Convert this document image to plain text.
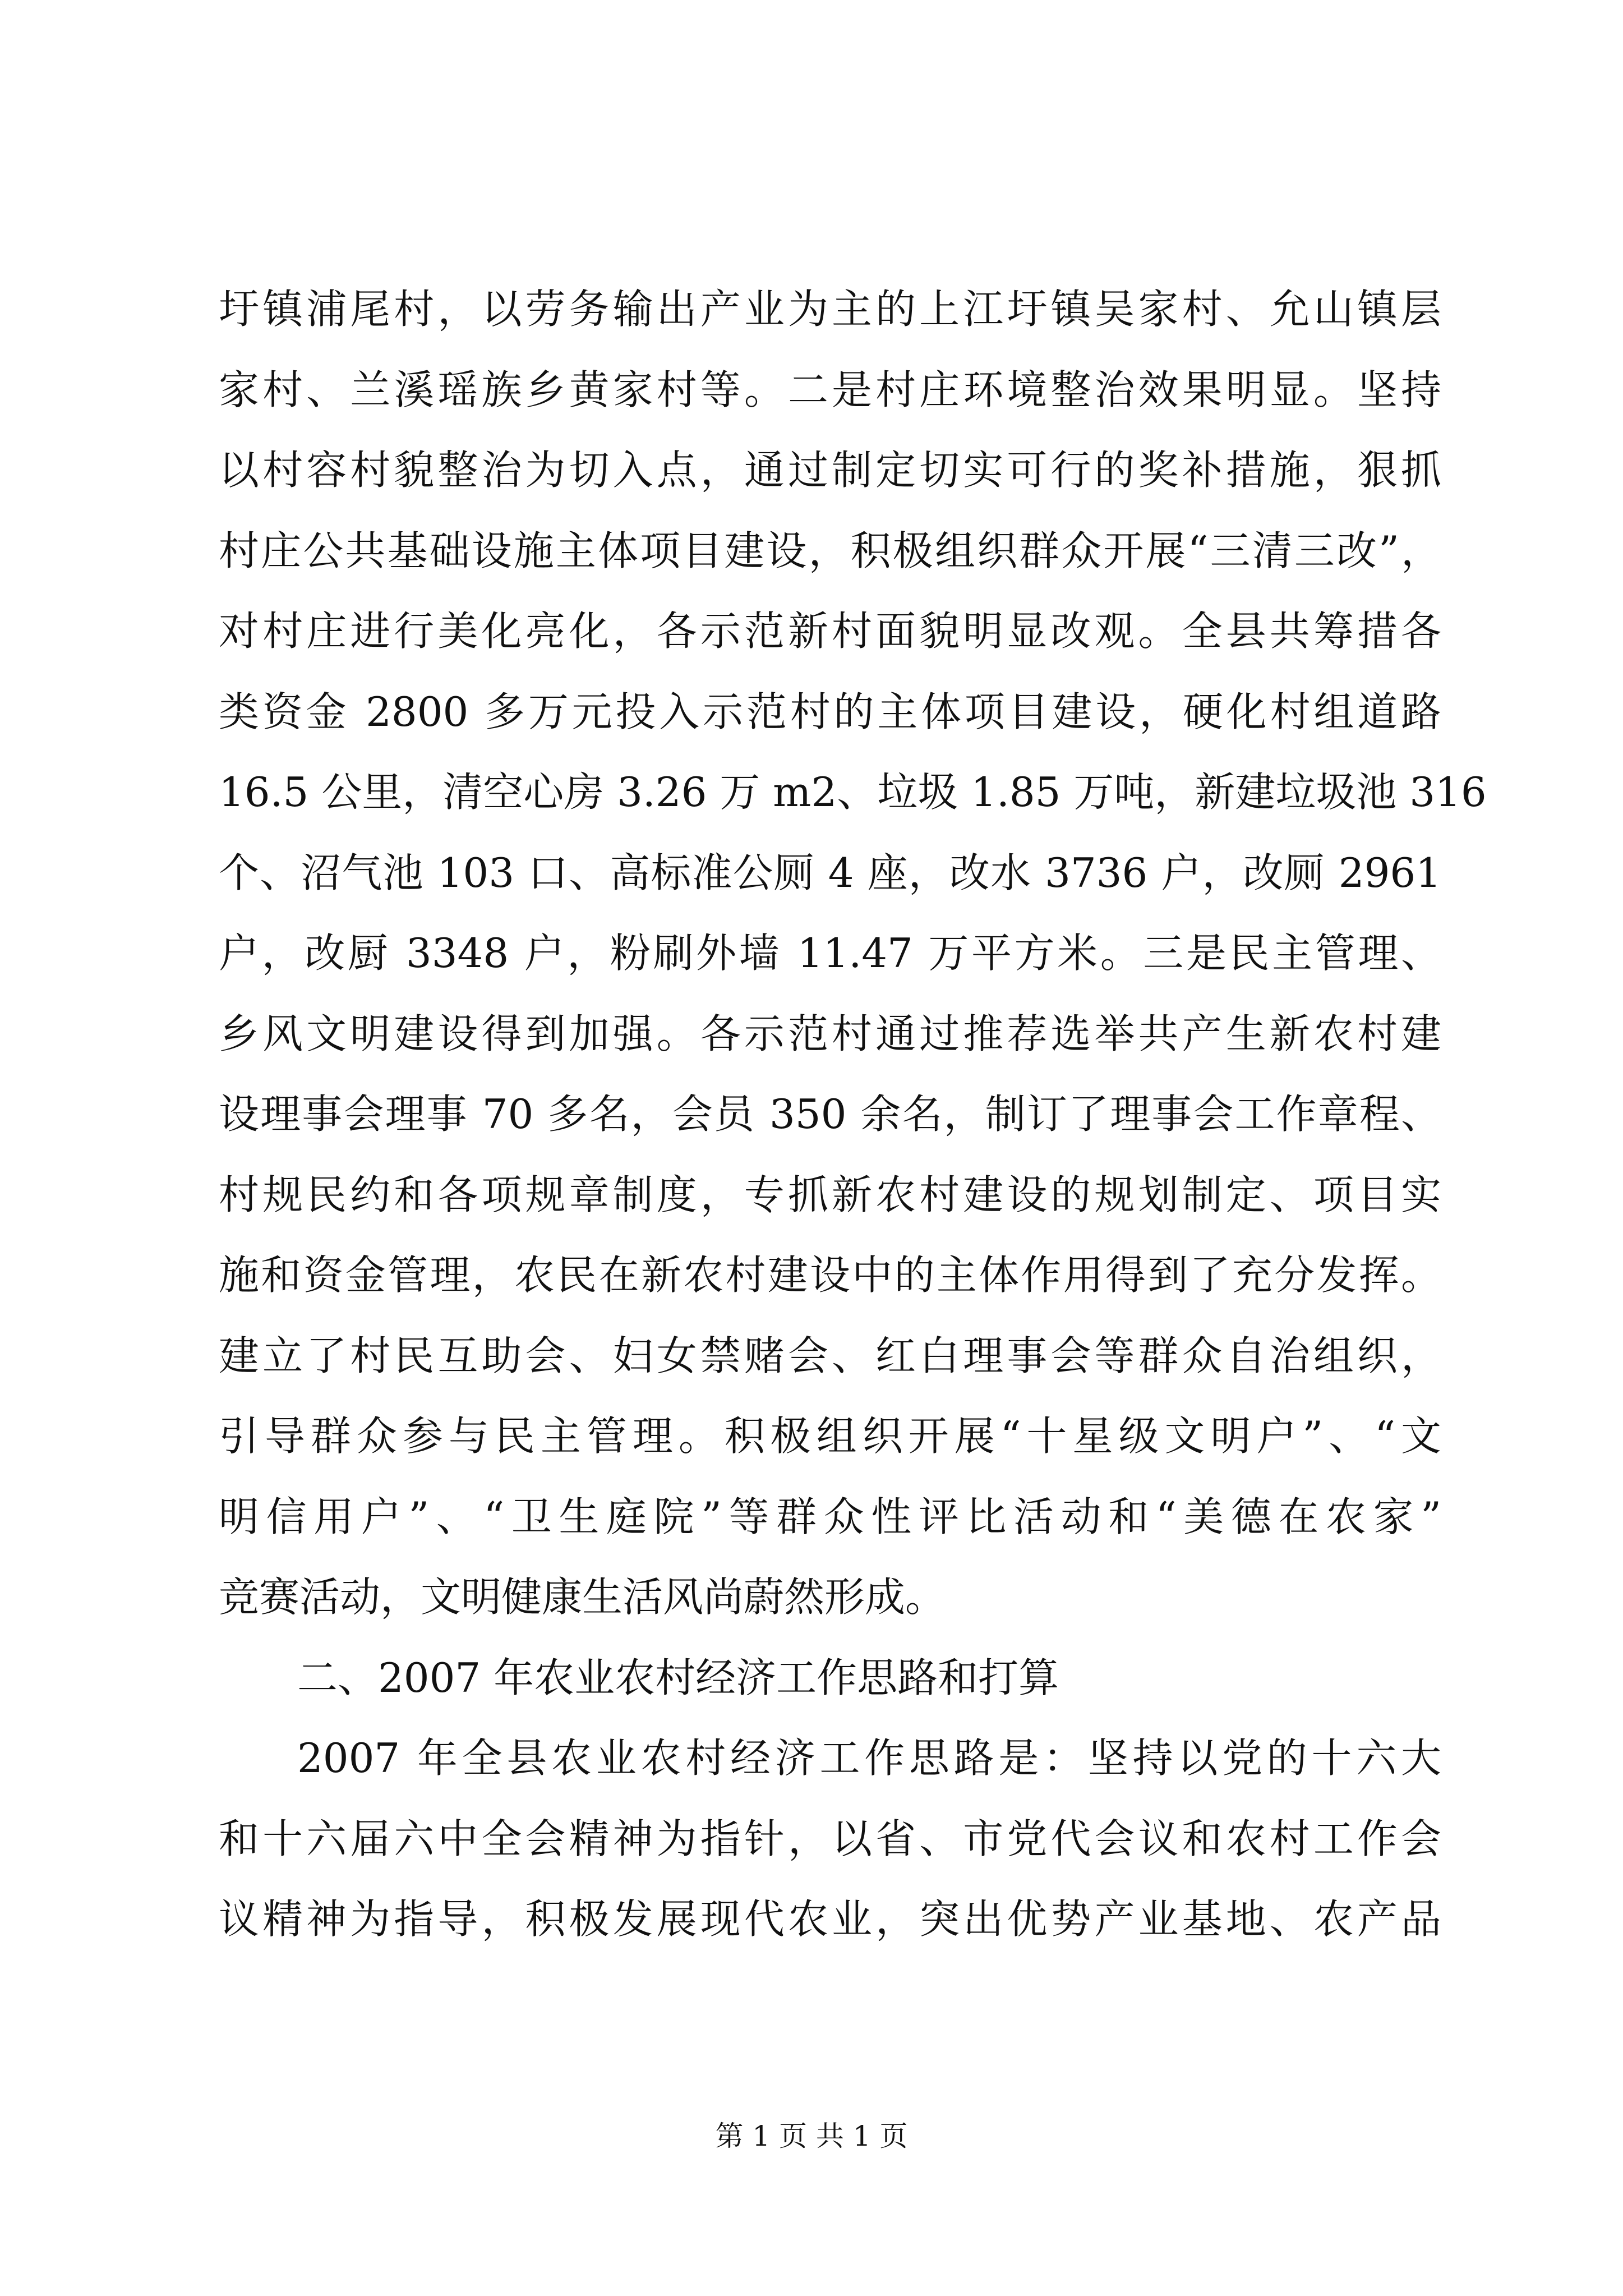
圩镇浦尾村，以劳务输出产业为主的上江圩镇吴家村、允山镇层
家村、兰溪瑶族乡黄家村等。二是村庄环境整治效果明显。坚持
以村容村貌整治为切入点，通过制定切实可行的奖补措施，狠抓
村庄公共基础设施主体项目建设，积极组织群众开展“三清三改”，
对村庄进行美化亮化，各示范新村面貌明显改观。全县共筹措各
类资金 2800 多万元投入示范村的主体项目建设，硬化村组道路
16.5 公里，清空心房 3.26 万 m2、垃圾 1.85 万吨，新建垃圾池 316
个、沼气池 103 口、高标准公厕 4 座，改水 3736 户，改厕 2961
户，改厨 3348 户，粉刷外墙 11.47 万平方米。三是民主管理、
乡风文明建设得到加强。各示范村通过推荐选举共产生新农村建
设理事会理事 70 多名，会员 350 余名，制订了理事会工作章程、
村规民约和各项规章制度，专抓新农村建设的规划制定、项目实
施和资金管理，农民在新农村建设中的主体作用得到了充分发挥。
建立了村民互助会、妇女禁赌会、红白理事会等群众自治组织，
引导群众参与民主管理。积极组织开展“十星级文明户”、“文
明信用户”、“卫生庭院”等群众性评比活动和“美德在农家”
竞赛活动，文明健康生活风尚蔚然形成。
二、2007 年农业农村经济工作思路和打算
2007 年全县农业农村经济工作思路是：坚持以党的十六大
和十六届六中全会精神为指针，以省、市党代会议和农村工作会
议精神为指导，积极发展现代农业，突出优势产业基地、农产品
第 1 页 共 1 页
